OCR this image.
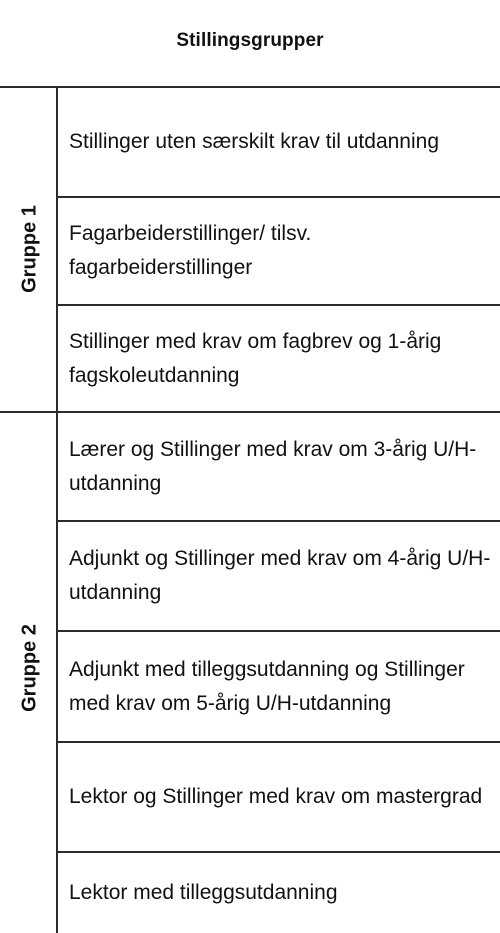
Stillingsgrupper
Gruppe 1
Gruppe 2
Stillinger uten særskilt krav til utdanning
Fagarbeiderstillinger/ tilsv. fagarbeiderstillinger
Stillinger med krav om fagbrev og 1-årig fagskoleutdanning
Lærer og Stillinger med krav om 3-årig U/H-utdanning
Adjunkt og Stillinger med krav om 4-årig U/H-utdanning
Adjunkt med tilleggsutdanning og Stillinger med krav om 5-årig U/H-utdanning
Lektor og Stillinger med krav om mastergrad
Lektor med tilleggsutdanning
